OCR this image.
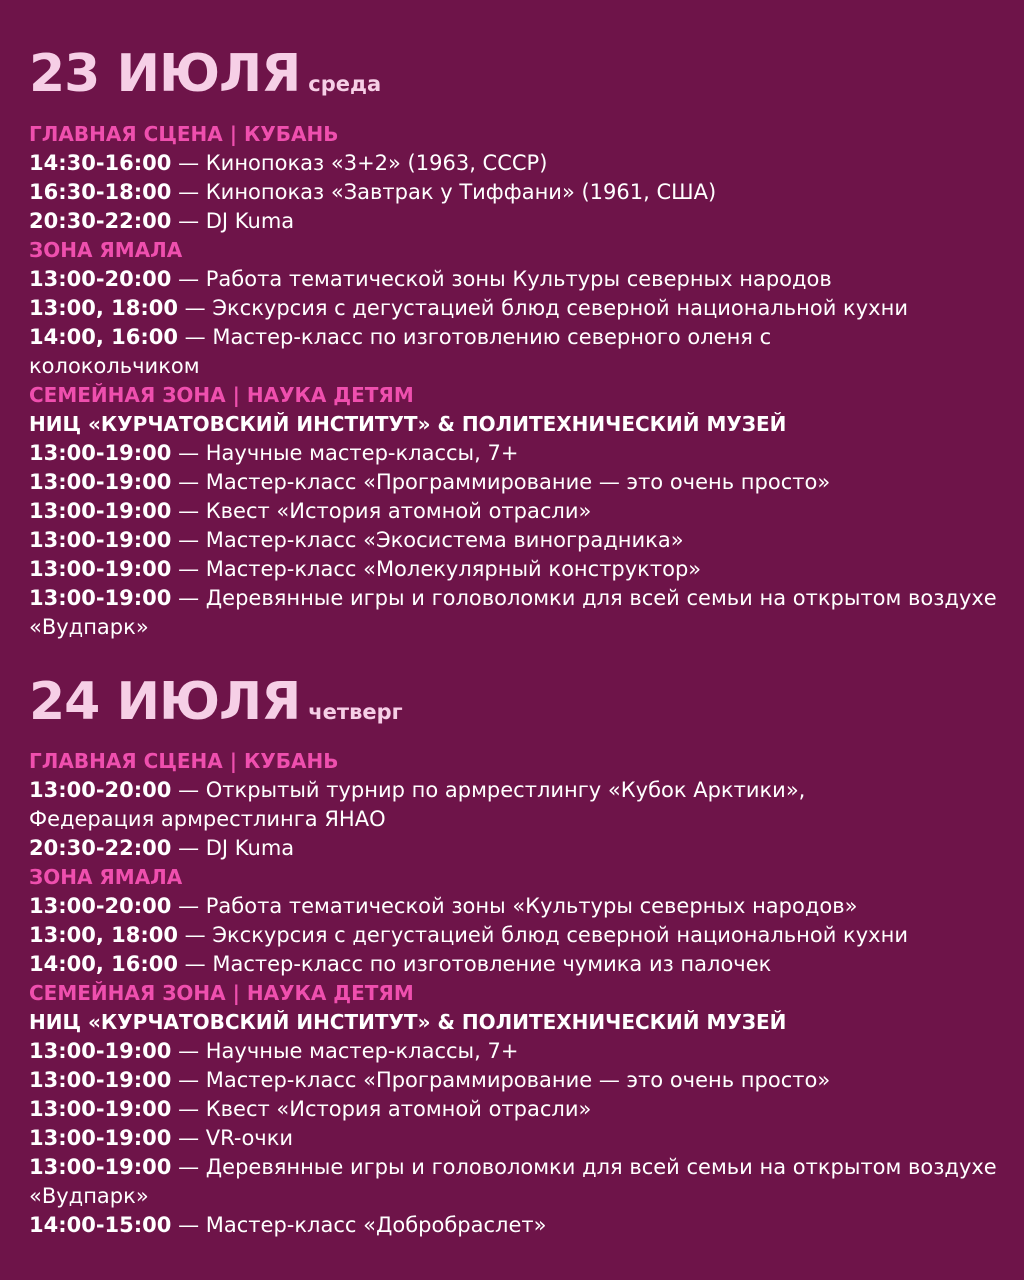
23 ИЮЛЯ среда
ГЛАВНАЯ СЦЕНА | КУБАНЬ

14:30-16:00 — Кинопоказ «3+2» (1963, СССР)

16:30-18:00 — Кинопоказ «Завтрак у Тиффани» (1961, США)

20:30-22:00 — DJ Kuma

ЗОНА ЯМАЛА

13:00-20:00 — Работа тематической зоны Культуры северных народов

13:00, 18:00 — Экскурсия с дегустацией блюд северной национальной кухни

14:00, 16:00 — Мастер-класс по изготовлению северного оленя с колокольчиком

СЕМЕЙНАЯ ЗОНА | НАУКА ДЕТЯМ
НИЦ «КУРЧАТОВСКИЙ ИНСТИТУТ» & ПОЛИТЕХНИЧЕСКИЙ МУЗЕЙ

13:00-19:00 — Научные мастер-классы, 7+

13:00-19:00 — Мастер-класс «Программирование — это очень просто»

13:00-19:00 — Квест «История атомной отрасли»

13:00-19:00 — Мастер-класс «Экосистема виноградника»

13:00-19:00 — Мастер-класс «Молекулярный конструктор»

13:00-19:00 — Деревянные игры и головоломки для всей семьи на открытом воздухе «Вудпарк»

24 ИЮЛЯ четверг
ГЛАВНАЯ СЦЕНА | КУБАНЬ

13:00-20:00 — Открытый турнир по армрестлингу «Кубок Арктики», Федерация армрестлинга ЯНАО

20:30-22:00 — DJ Kuma

ЗОНА ЯМАЛА

13:00-20:00 — Работа тематической зоны «Культуры северных народов»

13:00, 18:00 — Экскурсия с дегустацией блюд северной национальной кухни

14:00, 16:00 — Мастер-класс по изготовление чумика из палочек

СЕМЕЙНАЯ ЗОНА | НАУКА ДЕТЯМ
НИЦ «КУРЧАТОВСКИЙ ИНСТИТУТ» & ПОЛИТЕХНИЧЕСКИЙ МУЗЕЙ

13:00-19:00 — Научные мастер-классы, 7+

13:00-19:00 — Мастер-класс «Программирование — это очень просто»

13:00-19:00 — Квест «История атомной отрасли»

13:00-19:00 — VR-очки

13:00-19:00 — Деревянные игры и головоломки для всей семьи на открытом воздухе «Вудпарк»

14:00-15:00 — Мастер-класс «Добробраслет»
